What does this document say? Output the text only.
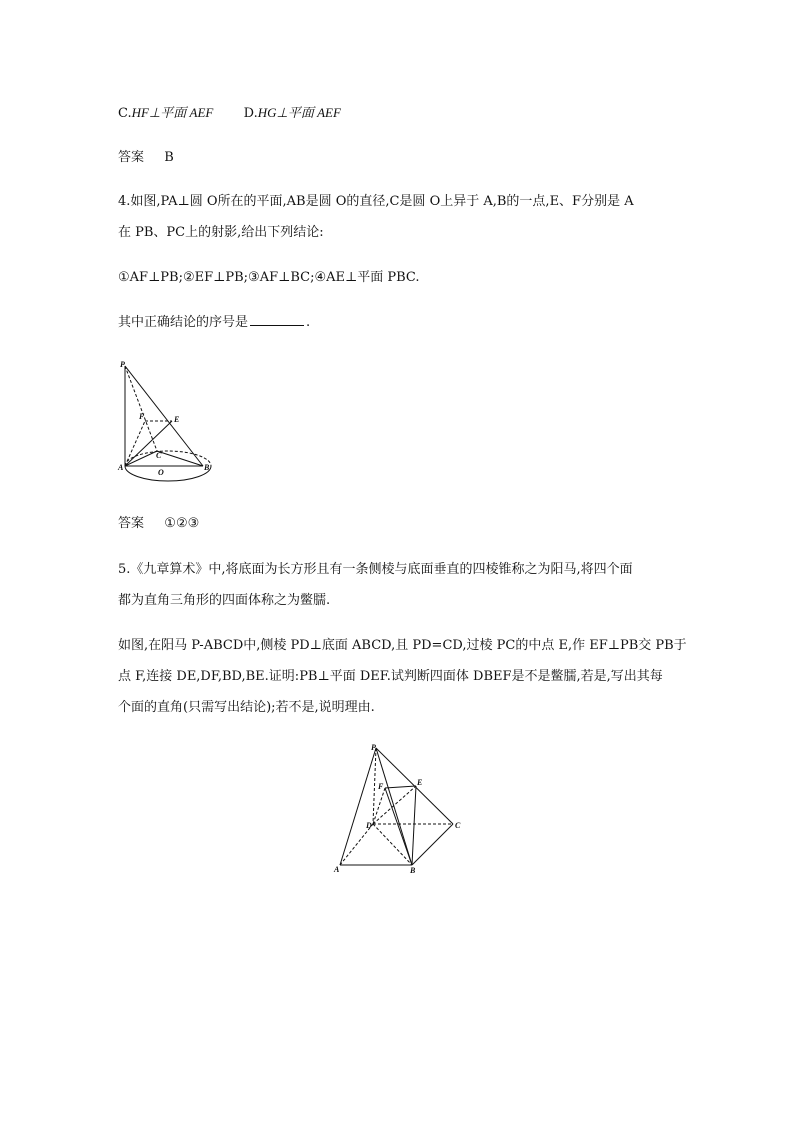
C.HF⊥平面 AEF D.HG⊥平面 AEF
答案 B
4.如图,PA⊥圆 O所在的平面,AB是圆 O的直径,C是圆 O上异于 A,B的一点,E、F分别是 A
在 PB、PC上的射影,给出下列结论:
①AF⊥PB;②EF⊥PB;③AF⊥BC;④AE⊥平面 PBC.
其中正确结论的序号是	.
P
E
F
C
A
O
B
答案 ①②③
5.《九章算术》中,将底面为长方形且有一条侧棱与底面垂直的四棱锥称之为阳马,将四个面
都为直角三角形的四面体称之为鳖臑.
如图,在阳马 P-ABCD中,侧棱 PD⊥底面 ABCD,且 PD=CD,过棱 PC的中点 E,作 EF⊥PB交 PB于
点 F,连接 DE,DF,BD,BE.证明:PB⊥平面 DEF.试判断四面体 DBEF是不是鳖臑,若是,写出其每
个面的直角(只需写出结论);若不是,说明理由.
P
F	E
D	C
A	B
